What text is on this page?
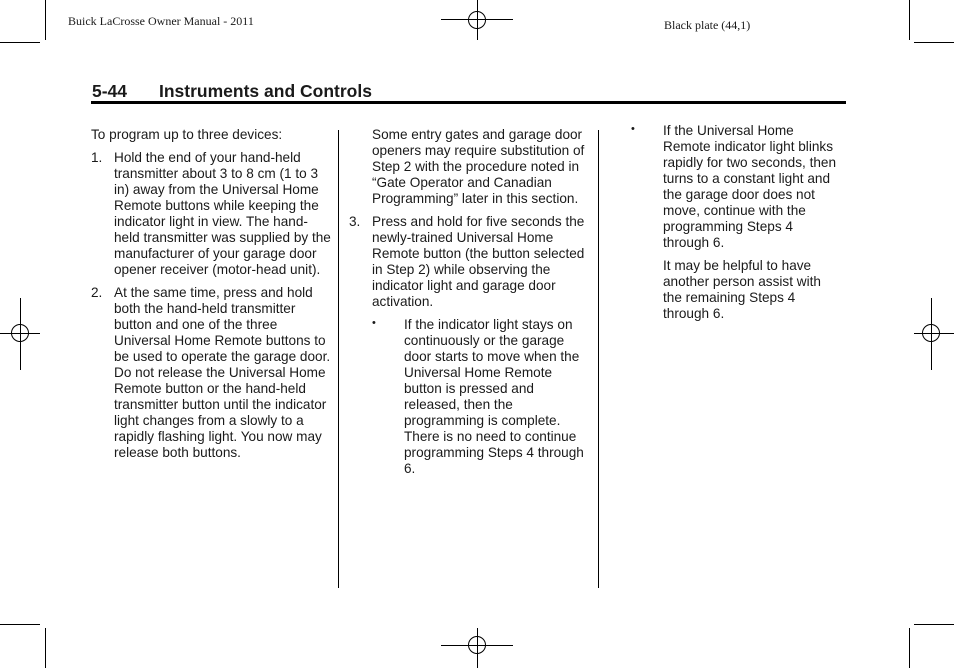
Buick LaCrosse Owner Manual - 2011	Black plate (44,1)
5-44 Instruments and Controls

To program up to three devices:

1. Hold the end of your hand-held transmitter about 3 to 8 cm (1 to 3 in) away from the Universal Home Remote buttons while keeping the indicator light in view. The hand-held transmitter was supplied by the manufacturer of your garage door opener receiver (motor-head unit).

2. At the same time, press and hold both the hand-held transmitter button and one of the three Universal Home Remote buttons to be used to operate the garage door. Do not release the Universal Home Remote button or the hand-held transmitter button until the indicator light changes from a slowly to a rapidly flashing light. You now may release both buttons.

Some entry gates and garage door openers may require substitution of Step 2 with the procedure noted in “Gate Operator and Canadian Programming” later in this section.

3. Press and hold for five seconds the newly-trained Universal Home Remote button (the button selected in Step 2) while observing the indicator light and garage door activation.

• If the indicator light stays on continuously or the garage door starts to move when the Universal Home Remote button is pressed and released, then the programming is complete. There is no need to continue programming Steps 4 through 6.

• If the Universal Home Remote indicator light blinks rapidly for two seconds, then turns to a constant light and the garage door does not move, continue with the programming Steps 4 through 6.

It may be helpful to have another person assist with the remaining Steps 4 through 6.
